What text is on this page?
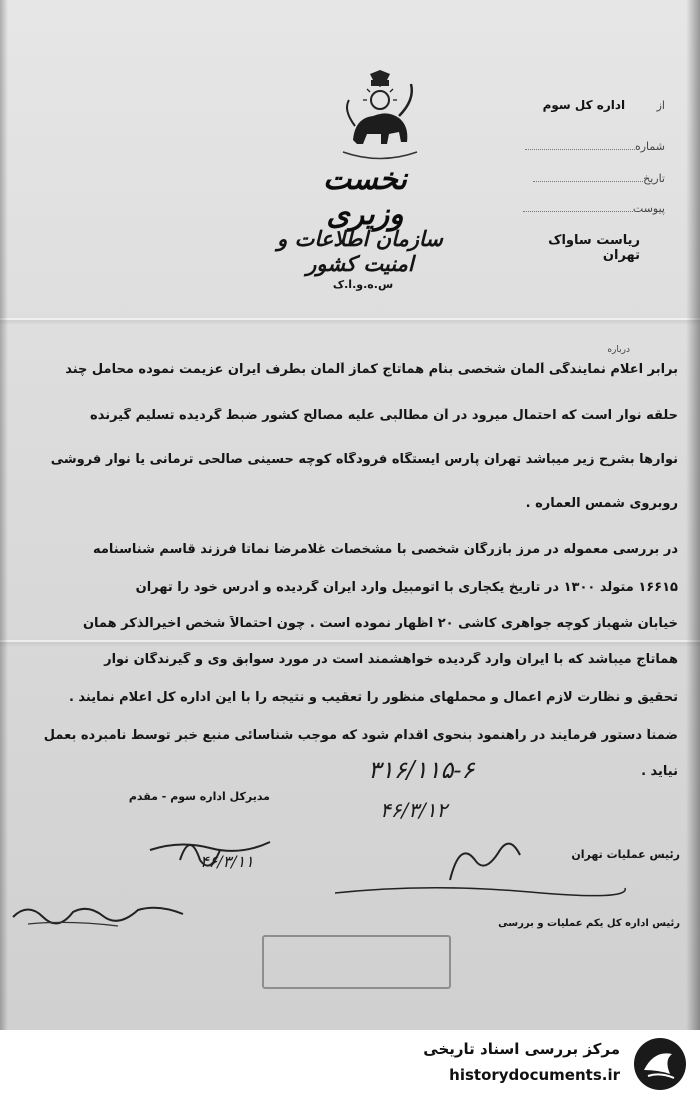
نخست وزیری
سازمان اطلاعات و امنیت کشور
ریاست ساواک تهران
س.ه.و.ا.ک
از اداره کل سوم
شماره
تاریخ
پیوست
درباره
برابر اعلام نمایندگی آلمان شخصی بنام هماتاج کماز آلمان بطرف ایران عزیمت نموده محامل چند
حلقه نوار است که احتمال میرود در آن مطالبی علیه مصالح کشور ضبط گردیده تسلیم گیرنده
نوارها بشرح زیر میباشد تهران پارس ایستگاه فرودگاه کوچه حسینی صالحی ترمانی یا نوار فروشی
روبروی شمس العماره .
در بررسی معموله در مرز بازرگان شخصی با مشخصات غلامرضا نماتا فرزند قاسم شناسنامه
۱۶۶۱۵ متولد ۱۳۰۰ در تاریخ یکجاری با اتومبیل وارد ایران گردیده و آدرس خود را تهران
خیابان شهباز کوچه جواهری کاشی ۲۰ اظهار نموده است . چون احتمالاً شخص اخیرالذکر همان
هماتاج میباشد که با ایران وارد گردیده خواهشمند است در مورد سوابق وی و گیرندگان نوار
تحقیق و نظارت لازم اعمال و محملهای منظور را تعقیب و نتیجه را با این اداره کل اعلام نمایند .
ضمناً دستور فرمایند در راهنمود بنحوی اقدام شود که موجب شناسائی منبع خبر توسط نامبرده بعمل
نیاید .
۳۱۶/۱۱۵-۶
۴۶/۳/۱۲
مدیرکل اداره سوم - مقدم
۴۶/۳/۱۱	رئیس عملیات تهران
رئیس اداره کل یکم عملیات و بررسی
مرکز بررسی اسناد تاریخی
historydocuments.ir
